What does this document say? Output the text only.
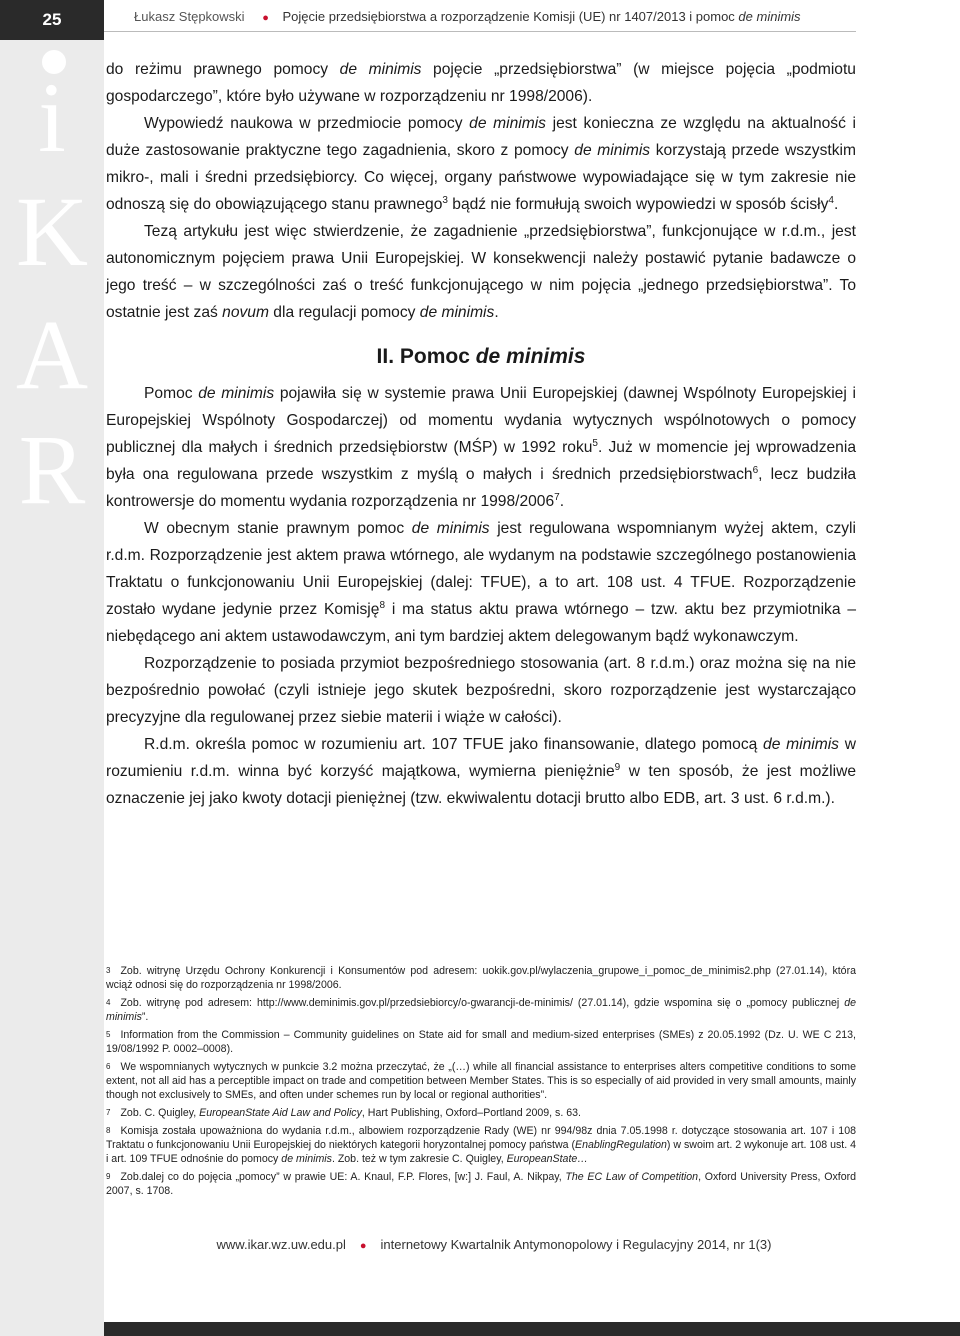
25
i
K
A
R
Łukasz Stępkowski ● Pojęcie przedsiębiorstwa a rozporządzenie Komisji (UE) nr 1407/2013 i pomoc de minimis

do reżimu prawnego pomocy de minimis pojęcie „przedsiębiorstwa” (w miejsce pojęcia „podmiotu gospodarczego”, które było używane w rozporządzeniu nr 1998/2006).

Wypowiedź naukowa w przedmiocie pomocy de minimis jest konieczna ze względu na aktualność i duże zastosowanie praktyczne tego zagadnienia, skoro z pomocy de minimis korzystają przede wszystkim mikro-, mali i średni przedsiębiorcy. Co więcej, organy państwowe wypowiadające się w tym zakresie nie odnoszą się do obowiązującego stanu prawnego$^3$ bądź nie formułują swoich wypowiedzi w sposób ścisły$^4$.

Tezą artykułu jest więc stwierdzenie, że zagadnienie „przedsiębiorstwa”, funkcjonujące w r.d.m., jest autonomicznym pojęciem prawa Unii Europejskiej. W konsekwencji należy postawić pytanie badawcze o jego treść – w szczególności zaś o treść funkcjonującego w nim pojęcia „jednego przedsiębiorstwa”. To ostatnie jest zaś novum dla regulacji pomocy de minimis.

II. Pomoc de minimis

Pomoc de minimis pojawiła się w systemie prawa Unii Europejskiej (dawnej Wspólnoty Europejskiej i Europejskiej Wspólnoty Gospodarczej) od momentu wydania wytycznych wspólnotowych o pomocy publicznej dla małych i średnich przedsiębiorstw (MŚP) w 1992 roku$^5$. Już w momencie jej wprowadzenia była ona regulowana przede wszystkim z myślą o małych i średnich przedsiębiorstwach$^6$, lecz budziła kontrowersje do momentu wydania rozporządzenia nr 1998/2006$^7$.

W obecnym stanie prawnym pomoc de minimis jest regulowana wspomnianym wyżej aktem, czyli r.d.m. Rozporządzenie jest aktem prawa wtórnego, ale wydanym na podstawie szczególnego postanowienia Traktatu o funkcjonowaniu Unii Europejskiej (dalej: TFUE), a to art. 108 ust. 4 TFUE. Rozporządzenie zostało wydane jedynie przez Komisję$^8$ i ma status aktu prawa wtórnego – tzw. aktu bez przymiotnika – niebędącego ani aktem ustawodawczym, ani tym bardziej aktem delegowanym bądź wykonawczym.

Rozporządzenie to posiada przymiot bezpośredniego stosowania (art. 8 r.d.m.) oraz można się na nie bezpośrednio powołać (czyli istnieje jego skutek bezpośredni, skoro rozporządzenie jest wystarczająco precyzyjne dla regulowanej przez siebie materii i wiąże w całości).

R.d.m. określa pomoc w rozumieniu art. 107 TFUE jako finansowanie, dlatego pomocą de minimis w rozumieniu r.d.m. winna być korzyść majątkowa, wymierna pieniężnie$^9$ w ten sposób, że jest możliwe oznaczenie jej jako kwoty dotacji pieniężnej (tzw. ekwiwalentu dotacji brutto albo EDB, art. 3 ust. 6 r.d.m.).

$^3$ Zob. witrynę Urzędu Ochrony Konkurencji i Konsumentów pod adresem: uokik.gov.pl/wylaczenia_grupowe_i_pomoc_de_minimis2.php (27.01.14), która wciąż odnosi się do rozporządzenia nr 1998/2006.
$^4$ Zob. witrynę pod adresem: http://www.deminimis.gov.pl/przedsiebiorcy/o-gwarancji-de-minimis/ (27.01.14), gdzie wspomina się o „pomocy publicznej de minimis”.
$^5$ Information from the Commission – Community guidelines on State aid for small and medium-sized enterprises (SMEs) z 20.05.1992 (Dz. U. WE C 213, 19/08/1992 P. 0002–0008).
$^6$ We wspomnianych wytycznych w punkcie 3.2 można przeczytać, że „(…) while all financial assistance to enterprises alters competitive conditions to some extent, not all aid has a perceptible impact on trade and competition between Member States. This is so especially of aid provided in very small amounts, mainly though not exclusively to SMEs, and often under schemes run by local or regional authorities”.
$^7$ Zob. C. Quigley, EuropeanState Aid Law and Policy, Hart Publishing, Oxford–Portland 2009, s. 63.
$^8$ Komisja została upoważniona do wydania r.d.m., albowiem rozporządzenie Rady (WE) nr 994/98z dnia 7.05.1998 r. dotyczące stosowania art. 107 i 108 Traktatu o funkcjonowaniu Unii Europejskiej do niektórych kategorii horyzontalnej pomocy państwa (EnablingRegulation) w swoim art. 2 wykonuje art. 108 ust. 4 i art. 109 TFUE odnośnie do pomocy de minimis. Zob. też w tym zakresie C. Quigley, EuropeanState…
$^9$ Zob.dalej co do pojęcia „pomocy” w prawie UE: A. Knaul, F.P. Flores, [w:] J. Faul, A. Nikpay, The EC Law of Competition, Oxford University Press, Oxford 2007, s. 1708.
www.ikar.wz.uw.edu.pl ● internetowy Kwartalnik Antymonopolowy i Regulacyjny 2014, nr 1(3)
